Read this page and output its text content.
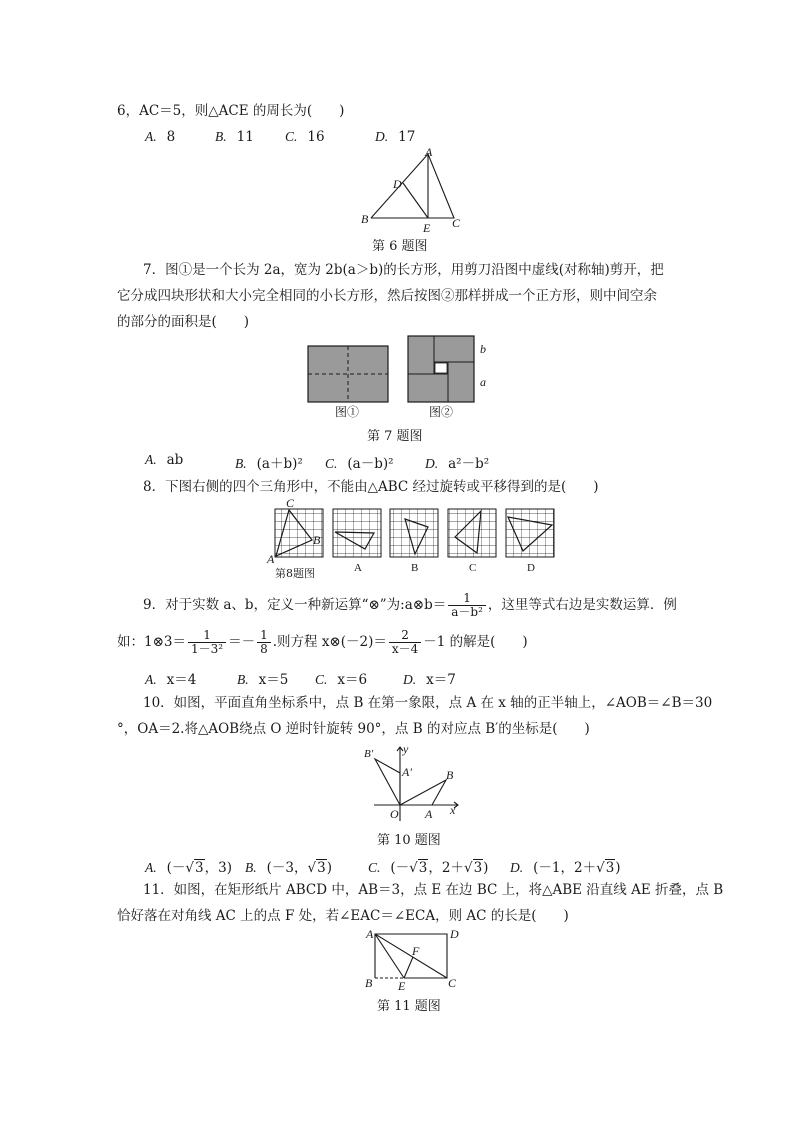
6，AC＝5，则△ACE 的周长为(　　)
A. 8	B. 11 C. 16	D. 17
A
D
B
E C
第 6 题图
7．图①是一个长为 2a，宽为 2b(a＞b)的长方形，用剪刀沿图中虚线(对称轴)剪开，把
它分成四块形状和大小完全相同的小长方形，然后按图②那样拼成一个正方形，则中间空余
的部分的面积是(　　)
b
a
图①	图②
第 7 题图
A. ab	B. (a＋b)² C. (a－b)² D. a²－b²
8．下图右侧的四个三角形中，不能由△ABC 经过旋转或平移得到的是(　　)
C
A
B
A	B	C	D
第8题图
9．对于实数 a、b，定义一种新运算“⊗”为:a⊗b＝ $\frac{1}{\text{a－b²}}$ ，这里等式右边是实数运算．例
如：1⊗3＝ $\frac{1}{\text{1－3²}} =- \frac{1}{8}$ .则方程 x⊗(－2)＝ $\frac{2}{x-4} -1$ 的解是(　　)
A. x＝4	B. x＝5 C. x＝6	D. x＝7
10．如图，平面直角坐标系中，点 B 在第一象限，点 A 在 x 轴的正半轴上，∠AOB＝∠B＝30
°，OA＝2.将△AOB绕点 O 逆时针旋转 90°，点 B 的对应点 B′的坐标是(　　)
B′ y
A′	B
O A x
第 10 题图
A. (－√3，3) B. (－3，√3)	C. (－√3，2＋√3) D. (－1，2＋√3)
11．如图，在矩形纸片 ABCD 中，AB＝3，点 E 在边 BC 上，将△ABE 沿直线 AE 折叠，点 B
恰好落在对角线 AC 上的点 F 处，若∠EAC＝∠ECA，则 AC 的长是(　　)
A	D
F
B E	C
第 11 题图
